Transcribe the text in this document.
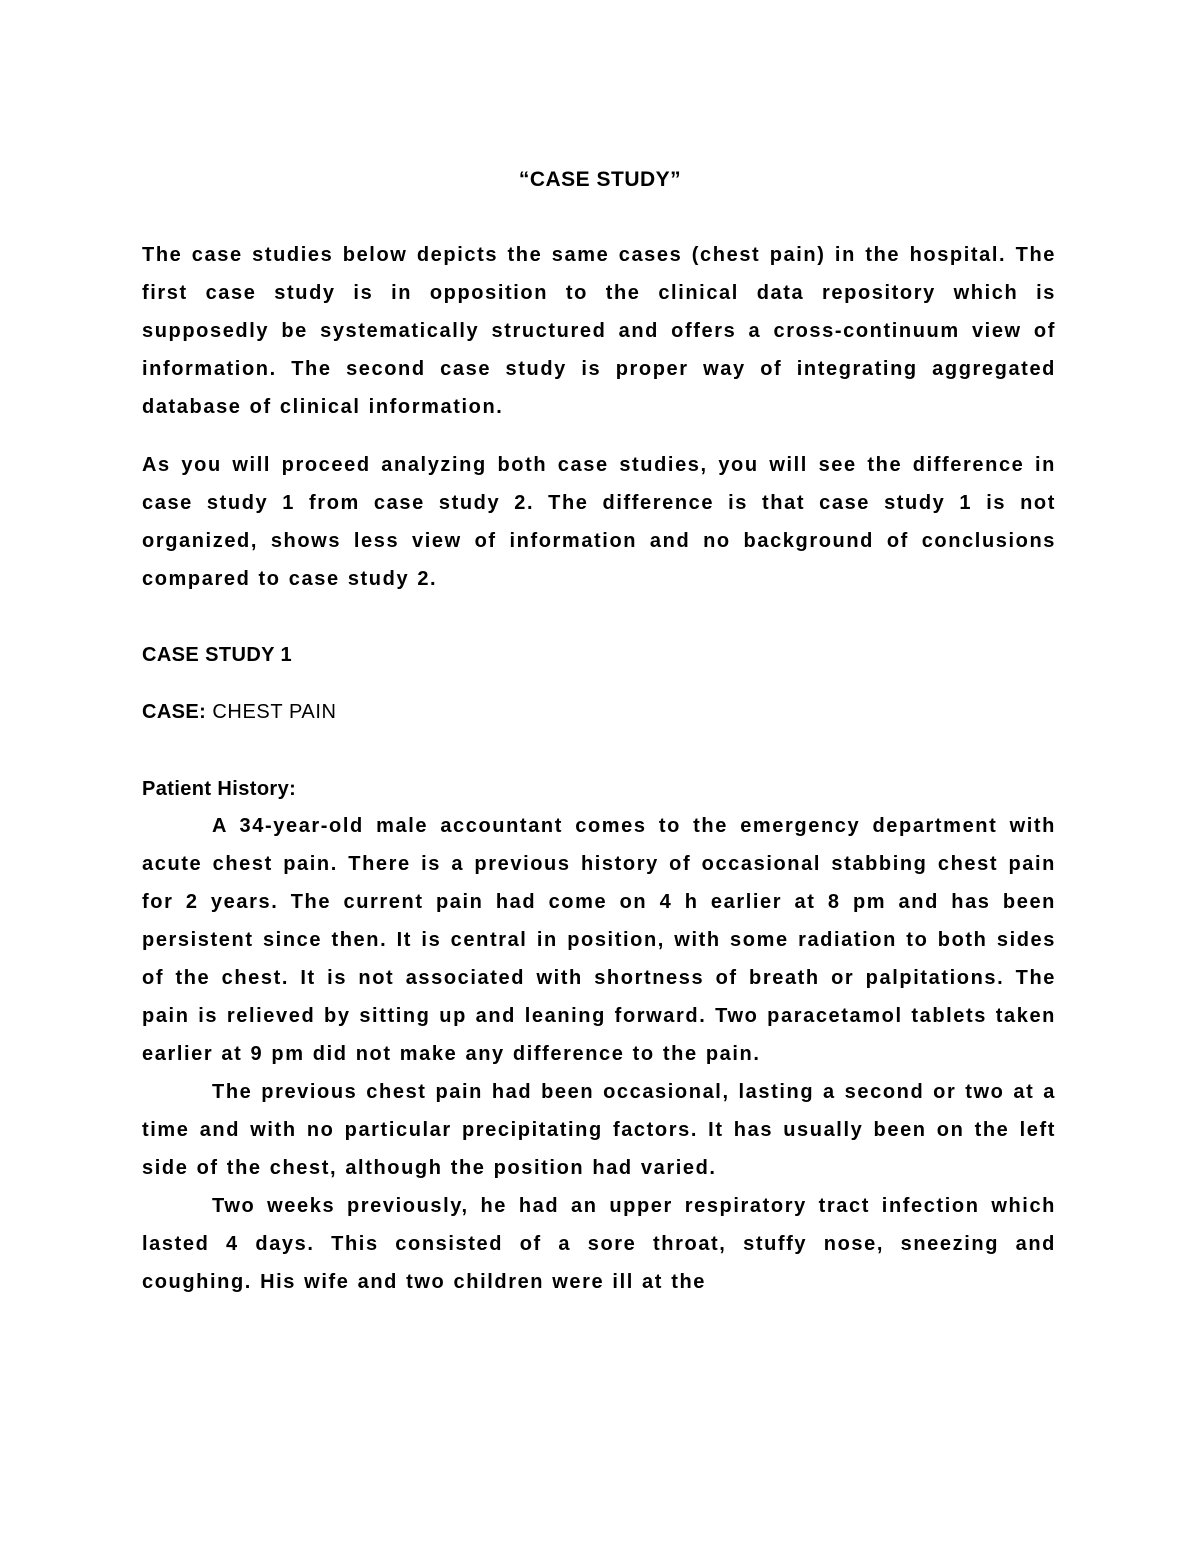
“CASE STUDY”

The case studies below depicts the same cases (chest pain) in the hospital. The first case study is in opposition to the clinical data repository which is supposedly be systematically structured and offers a cross-continuum view of information. The second case study is proper way of integrating aggregated database of clinical information.

As you will proceed analyzing both case studies, you will see the difference in case study 1 from case study 2. The difference is that case study 1 is not organized, shows less view of information and no background of conclusions compared to case study 2.

CASE STUDY 1
CASE: CHEST PAIN
Patient History:

A 34-year-old male accountant comes to the emergency department with acute chest pain. There is a previous history of occasional stabbing chest pain for 2 years. The current pain had come on 4 h earlier at 8 pm and has been persistent since then. It is central in position, with some radiation to both sides of the chest. It is not associated with shortness of breath or palpitations. The pain is relieved by sitting up and leaning forward. Two paracetamol tablets taken earlier at 9 pm did not make any difference to the pain.

The previous chest pain had been occasional, lasting a second or two at a time and with no particular precipitating factors. It has usually been on the left side of the chest, although the position had varied.

Two weeks previously, he had an upper respiratory tract infection which lasted 4 days. This consisted of a sore throat, stuffy nose, sneezing and coughing. His wife and two children were ill at the
